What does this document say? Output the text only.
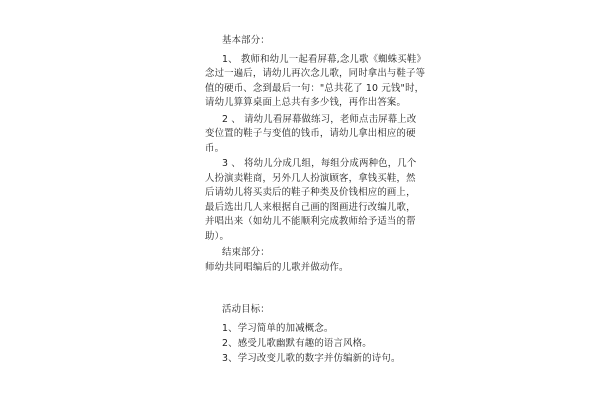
基本部分：
1、 教师和幼儿一起看屏幕,念儿歌《蜘蛛买鞋》
念过一遍后，请幼儿再次念儿歌，同时拿出与鞋子等
值的硬币、念到最后一句："总共花了 10 元钱"时，
请幼儿算算桌面上总共有多少钱，再作出答案。
2 、 请幼儿看屏幕做练习，老师点击屏幕上改
变位置的鞋子与变值的钱币，请幼儿拿出相应的硬
币。
3 、 将幼儿分成几组，每组分成两种色，几个
人扮演卖鞋商，另外几人扮演顾客，拿钱买鞋，然
后请幼儿将买卖后的鞋子种类及价钱相应的画上，
最后选出几人来根据自己画的图画进行改编儿歌，
并唱出来（如幼儿不能顺利完成教师给予适当的帮
助）。
结束部分：
师幼共同唱编后的儿歌并做动作。
活动目标：
1、学习简单的加减概念。
2、感受儿歌幽默有趣的语言风格。
3、学习改变儿歌的数字并仿编新的诗句。
